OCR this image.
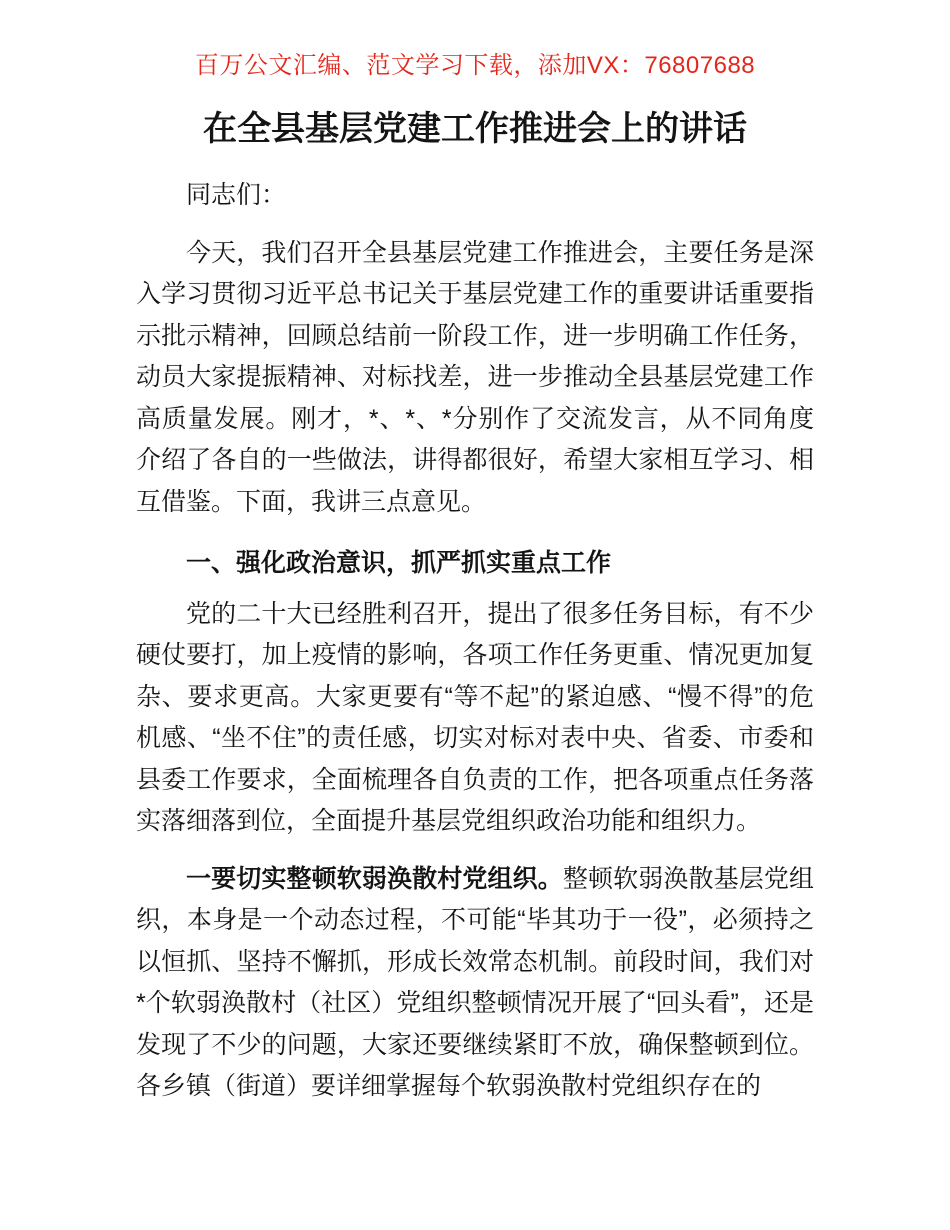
百万公文汇编、范文学习下载，添加VX：76807688
在全县基层党建工作推进会上的讲话

同志们：

今天，我们召开全县基层党建工作推进会，主要任务是深入学习贯彻习近平总书记关于基层党建工作的重要讲话重要指示批示精神，回顾总结前一阶段工作，进一步明确工作任务，动员大家提振精神、对标找差，进一步推动全县基层党建工作高质量发展。刚才，*、*、*分别作了交流发言，从不同角度介绍了各自的一些做法，讲得都很好，希望大家相互学习、相互借鉴。下面，我讲三点意见。

一、强化政治意识，抓严抓实重点工作

党的二十大已经胜利召开，提出了很多任务目标，有不少硬仗要打，加上疫情的影响，各项工作任务更重、情况更加复杂、要求更高。大家更要有“等不起”的紧迫感、“慢不得”的危机感、“坐不住”的责任感，切实对标对表中央、省委、市委和县委工作要求，全面梳理各自负责的工作，把各项重点任务落实落细落到位，全面提升基层党组织政治功能和组织力。

一要切实整顿软弱涣散村党组织。整顿软弱涣散基层党组织，本身是一个动态过程，不可能“毕其功于一役”，必须持之以恒抓、坚持不懈抓，形成长效常态机制。前段时间，我们对*个软弱涣散村（社区）党组织整顿情况开展了“回头看”，还是发现了不少的问题，大家还要继续紧盯不放，确保整顿到位。各乡镇（街道）要详细掌握每个软弱涣散村党组织存在的
